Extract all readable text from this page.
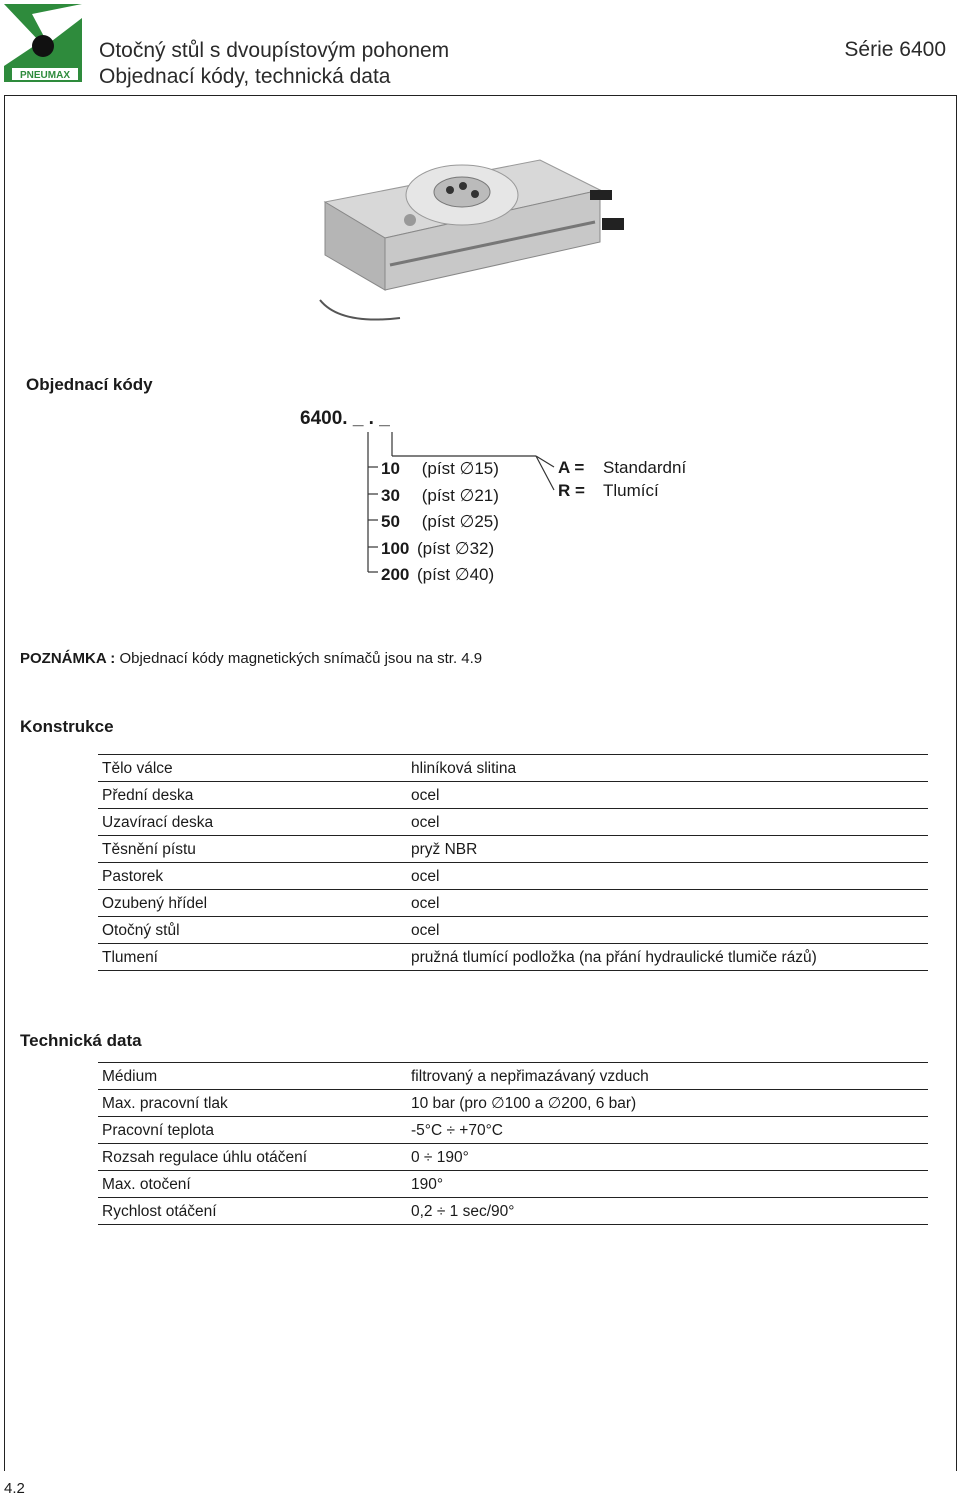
PNEUMAX
Otočný stůl s dvoupístovým pohonem
Objednací kódy, technická data
Série 6400
Objednací kódy
6400. _ . _
10 (píst ∅15)
30 (píst ∅21)
50 (píst ∅25)
100 (píst ∅32)
200 (píst ∅40)
A = Standardní
R = Tlumící
POZNÁMKA : Objednací kódy magnetických snímačů jsou na str. 4.9
Konstrukce
Tělo válce	hliníková slitina
Přední deska	ocel
Uzavírací deska	ocel
Těsnění pístu	pryž NBR
Pastorek	ocel
Ozubený hřídel	ocel
Otočný stůl	ocel
Tlumení	pružná tlumící podložka (na přání hydraulické tlumiče rázů)
Technická data
Médium	filtrovaný a nepřimazávaný vzduch
Max. pracovní tlak	10 bar (pro ∅100 a ∅200, 6 bar)
Pracovní teplota	-5°C ÷ +70°C
Rozsah regulace úhlu otáčení	0 ÷ 190°
Max. otočení	190°
Rychlost otáčení	0,2 ÷ 1 sec/90°
4.2
